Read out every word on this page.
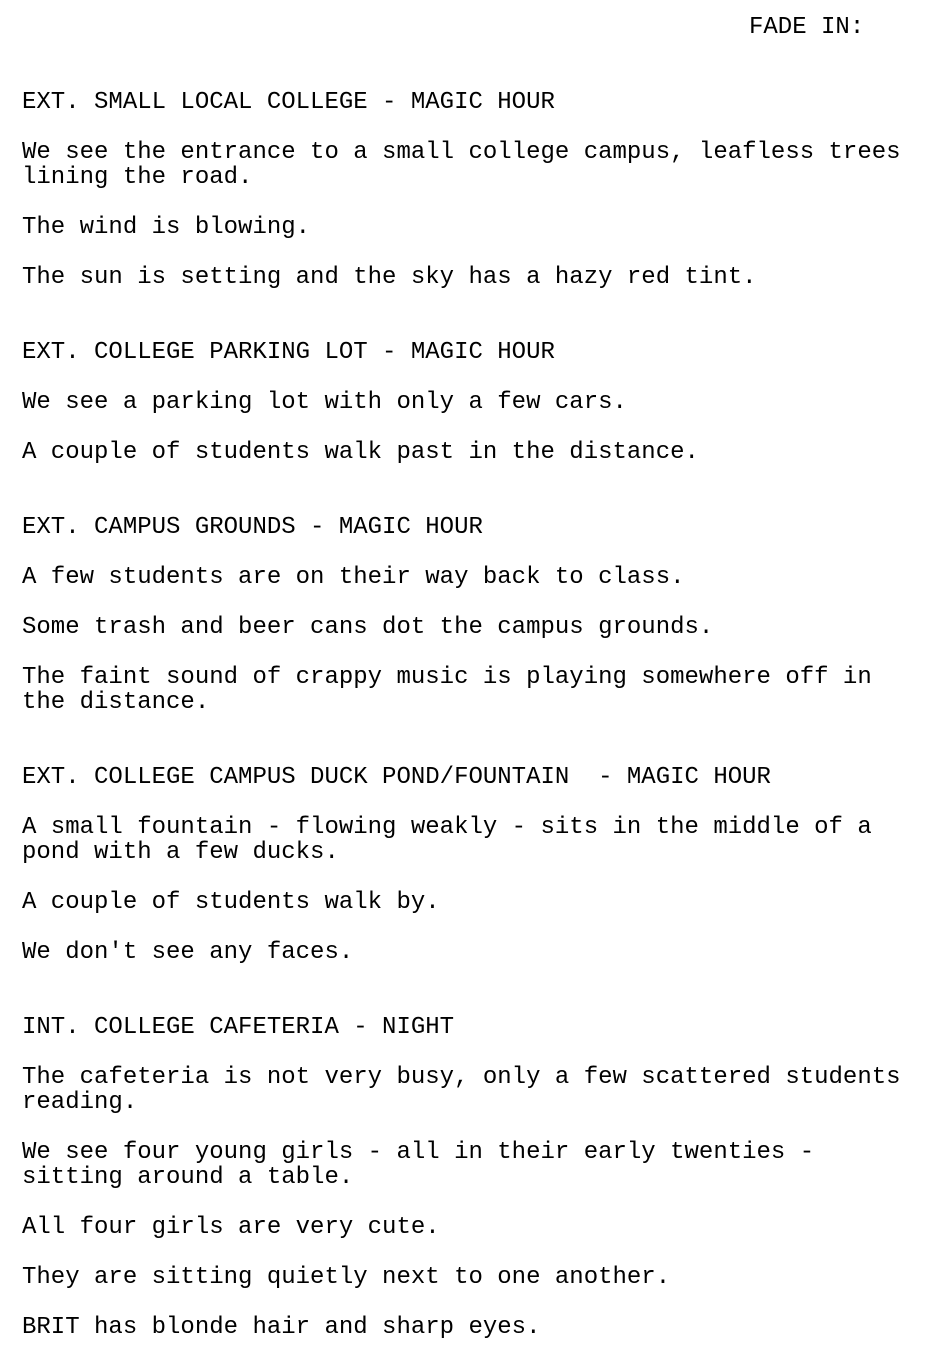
FADE IN:
EXT. SMALL LOCAL COLLEGE - MAGIC HOUR
We see the entrance to a small college campus, leafless trees
lining the road.
The wind is blowing.
The sun is setting and the sky has a hazy red tint.
EXT. COLLEGE PARKING LOT - MAGIC HOUR
We see a parking lot with only a few cars.
A couple of students walk past in the distance.
EXT. CAMPUS GROUNDS - MAGIC HOUR
A few students are on their way back to class.
Some trash and beer cans dot the campus grounds.
The faint sound of crappy music is playing somewhere off in
the distance.
EXT. COLLEGE CAMPUS DUCK POND/FOUNTAIN  - MAGIC HOUR
A small fountain - flowing weakly - sits in the middle of a
pond with a few ducks.
A couple of students walk by.
We don't see any faces.
INT. COLLEGE CAFETERIA - NIGHT
The cafeteria is not very busy, only a few scattered students
reading.
We see four young girls - all in their early twenties -
sitting around a table.
All four girls are very cute.
They are sitting quietly next to one another.
BRIT has blonde hair and sharp eyes.
